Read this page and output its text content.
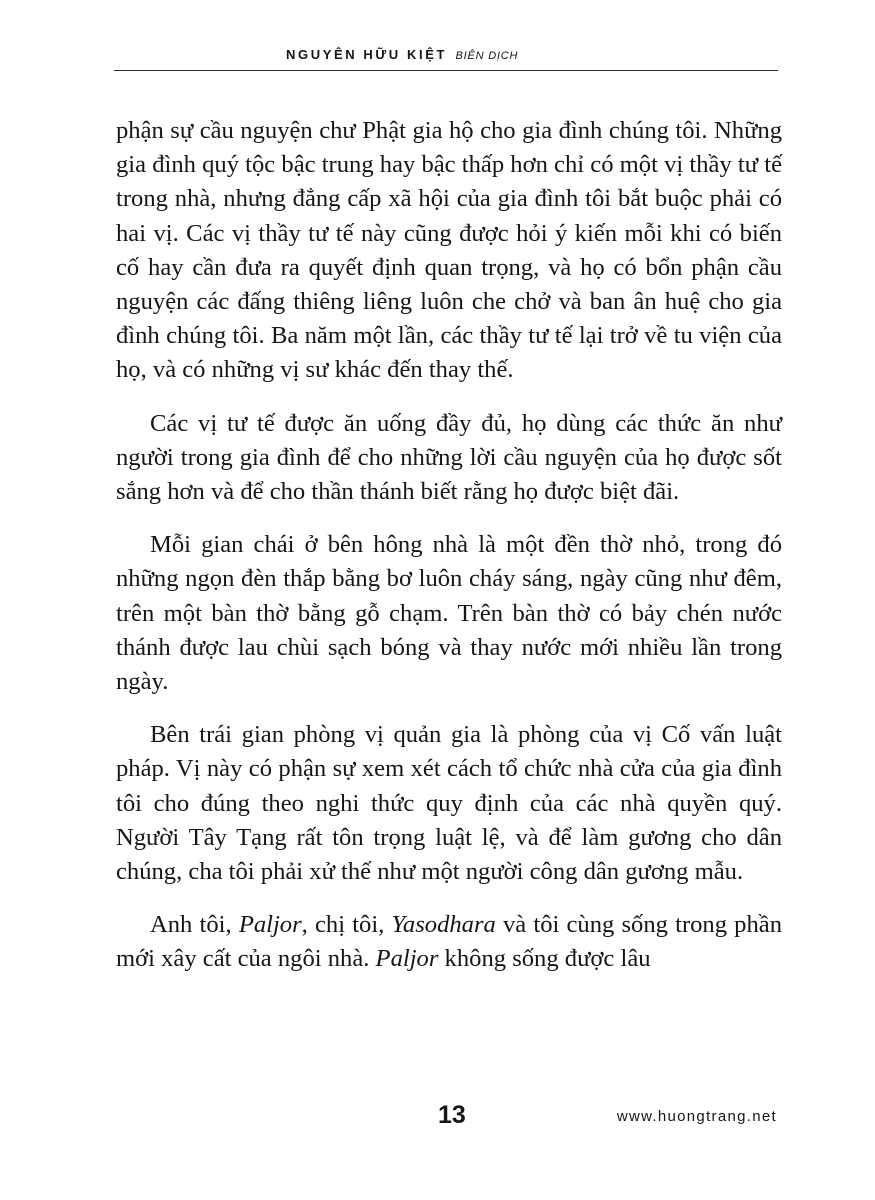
NGUYÊN HỮU KIỆT BIÊN DỊCH

phận sự cầu nguyện chư Phật gia hộ cho gia đình chúng tôi. Những gia đình quý tộc bậc trung hay bậc thấp hơn chỉ có một vị thầy tư tế trong nhà, nhưng đẳng cấp xã hội của gia đình tôi bắt buộc phải có hai vị. Các vị thầy tư tế này cũng được hỏi ý kiến mỗi khi có biến cố hay cần đưa ra quyết định quan trọng, và họ có bổn phận cầu nguyện các đấng thiêng liêng luôn che chở và ban ân huệ cho gia đình chúng tôi. Ba năm một lần, các thầy tư tế lại trở về tu viện của họ, và có những vị sư khác đến thay thế.

Các vị tư tế được ăn uống đầy đủ, họ dùng các thức ăn như người trong gia đình để cho những lời cầu nguyện của họ được sốt sắng hơn và để cho thần thánh biết rằng họ được biệt đãi.

Mỗi gian chái ở bên hông nhà là một đền thờ nhỏ, trong đó những ngọn đèn thắp bằng bơ luôn cháy sáng, ngày cũng như đêm, trên một bàn thờ bằng gỗ chạm. Trên bàn thờ có bảy chén nước thánh được lau chùi sạch bóng và thay nước mới nhiều lần trong ngày.

Bên trái gian phòng vị quản gia là phòng của vị Cố vấn luật pháp. Vị này có phận sự xem xét cách tổ chức nhà cửa của gia đình tôi cho đúng theo nghi thức quy định của các nhà quyền quý. Người Tây Tạng rất tôn trọng luật lệ, và để làm gương cho dân chúng, cha tôi phải xử thế như một người công dân gương mẫu.

Anh tôi, Paljor, chị tôi, Yasodhara và tôi cùng sống trong phần mới xây cất của ngôi nhà. Paljor không sống được lâu

13	www.huongtrang.net
